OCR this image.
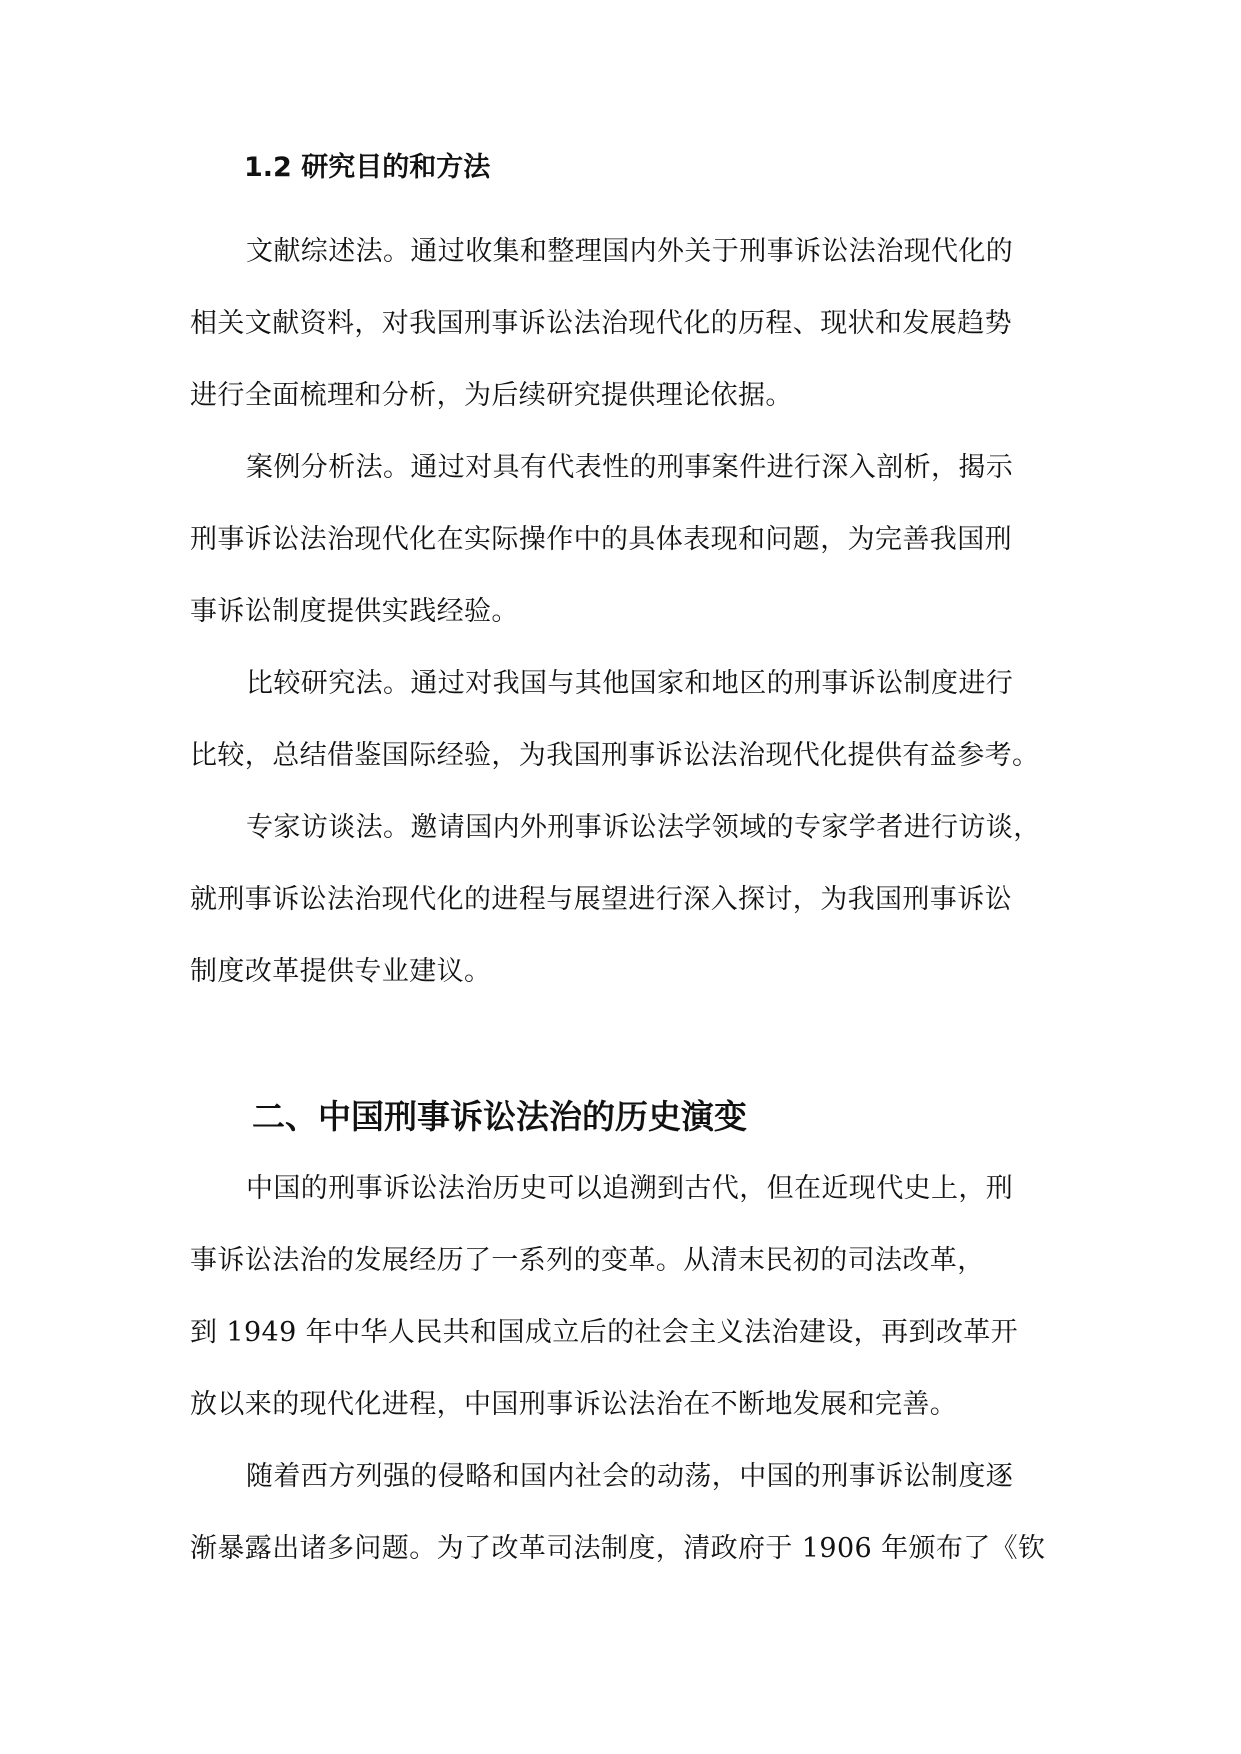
1.2 研究目的和方法
文献综述法。通过收集和整理国内外关于刑事诉讼法治现代化的
相关文献资料，对我国刑事诉讼法治现代化的历程、现状和发展趋势
进行全面梳理和分析，为后续研究提供理论依据。
案例分析法。通过对具有代表性的刑事案件进行深入剖析，揭示
刑事诉讼法治现代化在实际操作中的具体表现和问题，为完善我国刑
事诉讼制度提供实践经验。
比较研究法。通过对我国与其他国家和地区的刑事诉讼制度进行
比较，总结借鉴国际经验，为我国刑事诉讼法治现代化提供有益参考。
专家访谈法。邀请国内外刑事诉讼法学领域的专家学者进行访谈，
就刑事诉讼法治现代化的进程与展望进行深入探讨，为我国刑事诉讼
制度改革提供专业建议。
二、中国刑事诉讼法治的历史演变
中国的刑事诉讼法治历史可以追溯到古代，但在近现代史上，刑
事诉讼法治的发展经历了一系列的变革。从清末民初的司法改革，
到 1949 年中华人民共和国成立后的社会主义法治建设，再到改革开
放以来的现代化进程，中国刑事诉讼法治在不断地发展和完善。
随着西方列强的侵略和国内社会的动荡，中国的刑事诉讼制度逐
渐暴露出诸多问题。为了改革司法制度，清政府于 1906 年颁布了《钦
